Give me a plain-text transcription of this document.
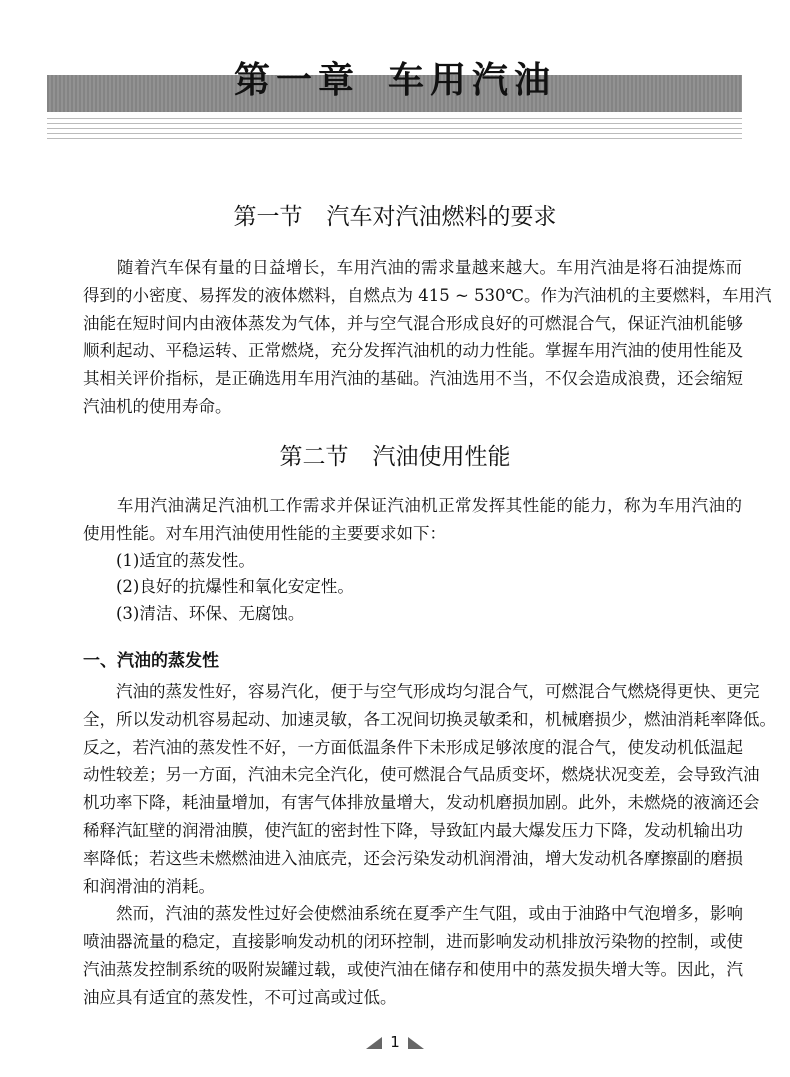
第一章 车用汽油
第一节 汽车对汽油燃料的要求
　　随着汽车保有量的日益增长，车用汽油的需求量越来越大。车用汽油是将石油提炼而
得到的小密度、易挥发的液体燃料，自燃点为 415 ~ 530℃。作为汽油机的主要燃料，车用汽
油能在短时间内由液体蒸发为气体，并与空气混合形成良好的可燃混合气，保证汽油机能够
顺利起动、平稳运转、正常燃烧，充分发挥汽油机的动力性能。掌握车用汽油的使用性能及
其相关评价指标，是正确选用车用汽油的基础。汽油选用不当，不仅会造成浪费，还会缩短
汽油机的使用寿命。
第二节 汽油使用性能
　　车用汽油满足汽油机工作需求并保证汽油机正常发挥其性能的能力，称为车用汽油的
使用性能。对车用汽油使用性能的主要要求如下：
　　(1)适宜的蒸发性。
　　(2)良好的抗爆性和氧化安定性。
　　(3)清洁、环保、无腐蚀。
一、汽油的蒸发性
　　汽油的蒸发性好，容易汽化，便于与空气形成均匀混合气，可燃混合气燃烧得更快、更完
全，所以发动机容易起动、加速灵敏，各工况间切换灵敏柔和，机械磨损少，燃油消耗率降低。
反之，若汽油的蒸发性不好，一方面低温条件下未形成足够浓度的混合气，使发动机低温起
动性较差；另一方面，汽油未完全汽化，使可燃混合气品质变坏，燃烧状况变差，会导致汽油
机功率下降，耗油量增加，有害气体排放量增大，发动机磨损加剧。此外，未燃烧的液滴还会
稀释汽缸壁的润滑油膜，使汽缸的密封性下降，导致缸内最大爆发压力下降，发动机输出功
率降低；若这些未燃燃油进入油底壳，还会污染发动机润滑油，增大发动机各摩擦副的磨损
和润滑油的消耗。
　　然而，汽油的蒸发性过好会使燃油系统在夏季产生气阻，或由于油路中气泡增多，影响
喷油器流量的稳定，直接影响发动机的闭环控制，进而影响发动机排放污染物的控制，或使
汽油蒸发控制系统的吸附炭罐过载，或使汽油在储存和使用中的蒸发损失增大等。因此，汽
油应具有适宜的蒸发性，不可过高或过低。
1
